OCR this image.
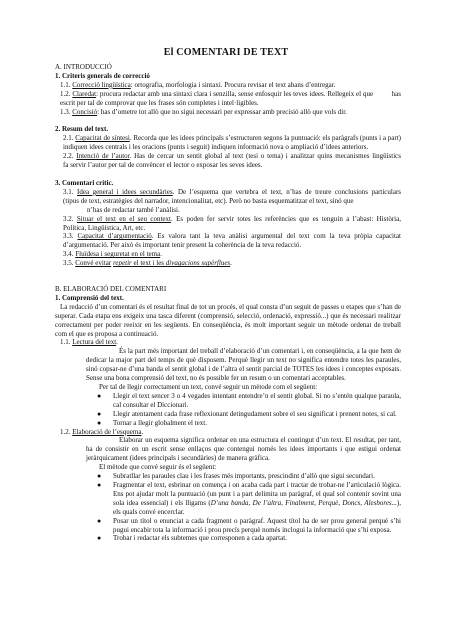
El COMENTARI DE TEXT

A. INTRODUCCIÓ

1. Criteris generals de correcció

1.1. Correcció lingüística: ortografia, morfologia i sintaxi. Procura revisar el text abans d’entregar.

1.2. Claredat: procura redactar amb una sintaxi clara i senzilla, sense enfosquir les teves idees. Rellegeix el que          has escrit per tal de comprovar que les frases són completes i intel·ligibles.

1.3. Concisió: has d’ometre tot allò que no sigui necessari per expressar amb precisió allò que vols dir.

2. Resum del text.

2.1. Capacitat de síntesi. Recorda que les idees principals s’estructuren segons la puntuació: els paràgrafs (punts i a part) indiquen idees centrals i les oracions (punts i seguit) indiquen informació nova o ampliació d’idees anteriors.

2.2. Intenció de l’autor. Has de cercar un sentit global al text (tesi o tema) i analitzar quins mecanismes lingüístics          fa servir l’autor per tal de convèncer el lector o exposar les seves idees.

3. Comentari crític.

3.1. Idea general i idees secundàries. De l’esquema que vertebra el text, n’has de treure conclusions particulars          (tipus de text, estratègies del narrador, intencionalitat, etc). Però no basta esquematitzar el text, sinó que

n’has de redactar també l’anàlisi.

3.2. Situar el text en el seu context. Es poden fer servir totes les referències que es tenguin a l’abast: Història,          Política, Lingüística, Art, etc.

3.3. Capacitat d’argumentació. Es valora tant la teva anàlisi argumental del text com la teva pròpia capacitat d’argumentació. Per això és important tenir present la coherència de la teva redacció.

3.4. Fluïdesa i seguretat en el tema.

3.5. Convé evitar repetir el text i les divagacions supèrflues.

B. ELABORACIÓ DEL COMENTARI

1. Comprensió del text.

La redacció d’un comentari és el resultat final de tot un procés, el qual consta d’un seguit de passes o etapes que s’han de superar. Cada etapa ens exigeix una tasca diferent (comprensió, selecció, ordenació, expressió...) que és necessari realitzar correctament per poder reeixir en les següents. En conseqüència, és molt important seguir un mètode ordenat de treball com el que es proposa a continuació.

1.1. Lectura del text.

És la part més important del treball d’elaboració d’un comentari i, en conseqüència, a la que hem de dedicar la major part del temps de què disposem. Perquè llegir un text no significa entendre totes les paraules, sinó copsar-ne d’una banda el sentit global i de l’altra el sentit parcial de TOTES les idees i conceptes exposats. Sense una bona comprensió del text, no és possible fer un resum o un comentari acceptables.

Per tal de llegir correctament un text, convé seguir un mètode com el següent:

● Llegir el text sencer 3 o 4 vegades intentant entendre’n el sentit global. Si no s’entén qualque paraula, cal consultar el Diccionari.
● Llegir atentament cada frase reflexionant detingudament sobre el seu significat i prenent notes, si cal.
● Tornar a llegir globalment el text.

1.2. Elaboració de l’esquema.

Elaborar un esquema significa ordenar en una estructura el contingut d’un text. El resultat, per tant, ha de consistir en un escrit sense enllaços que contengui només les idees importants i que estigui ordenat jeràrquicament (idees principals i secundàries) de manera gràfica.

El mètode que convé seguir és el següent:

● Subratllar les paraules clau i les frases més importants, prescindint d’allò que sigui secundari.
● Fragmentar el text, esbrinar on comença i on acaba cada part i tractar de trobar-ne l’articulació lògica. Ens pot ajudar molt la puntuació (un punt i a part delimita un paràgraf, el qual sol contenir sovint una sola idea essencial) i els lligams (D’una banda, De l’altra, Finalment, Perquè, Doncs, Alesbores...), els quals convé encerclar.
● Posar un títol o enunciat a cada fragment o paràgraf. Aquest títol ha de ser prou general perquè s’hi pugui encabir tota la informació i prou precís perquè només inclogui la informació que s’hi exposa.
● Trobar i redactar els subtemes que corresponen a cada apartat.
